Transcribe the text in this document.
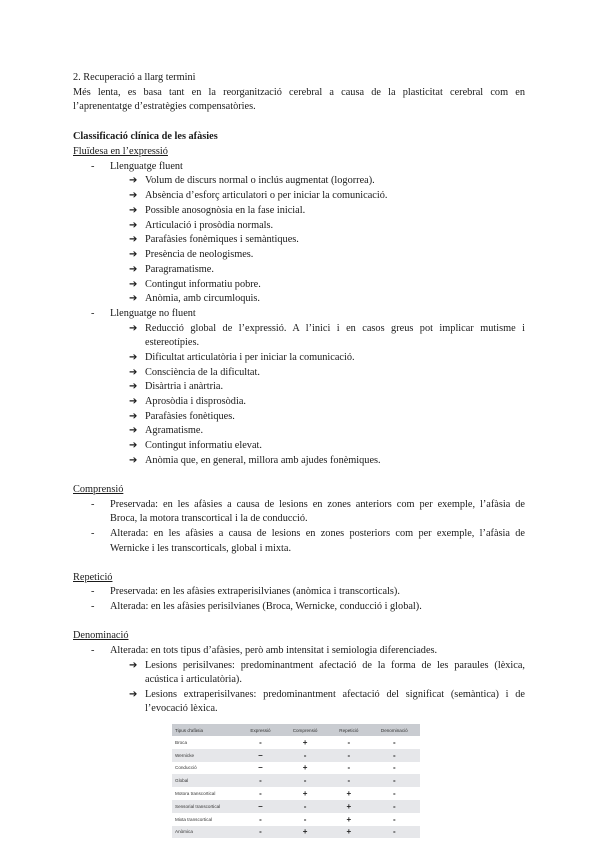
2. Recuperació a llarg termini
Més lenta, es basa tant en la reorganització cerebral a causa de la plasticitat cerebral com en
l’aprenentatge d’estratègies compensatòries.
Classificació clínica de les afàsies
Fluïdesa en l’expressió
- Llenguatge fluent
➔ Volum de discurs normal o inclús augmentat (logorrea).
➔ Absència d’esforç articulatori o per iniciar la comunicació.
➔ Possible anosognòsia en la fase inicial.
➔ Articulació i prosòdia normals.
➔ Parafàsies fonèmiques i semàntiques.
➔ Presència de neologismes.
➔ Paragramatisme.
➔ Contingut informatiu pobre.
➔ Anòmia, amb circumloquis.
- Llenguatge no fluent
➔ Reducció global de l’expressió. A l’inici i en casos greus pot implicar mutisme i
estereotípies.
➔ Dificultat articulatòria i per iniciar la comunicació.
➔ Consciència de la dificultat.
➔ Disàrtria i anàrtria.
➔ Aprosòdia i disprosòdia.
➔ Parafàsies fonètiques.
➔ Agramatisme.
➔ Contingut informatiu elevat.
➔ Anòmia que, en general, millora amb ajudes fonèmiques.
Comprensió
- Preservada: en les afàsies a causa de lesions en zones anteriors com per exemple, l’afàsia de
Broca, la motora transcortical i la de conducció.
- Alterada: en les afàsies a causa de lesions en zones posteriors com per exemple, l’afàsia de
Wernicke i les transcorticals, global i mixta.
Repetició
- Preservada: en les afàsies extraperisilvianes (anòmica i transcorticals).
- Alterada: en les afàsies perisilvianes (Broca, Wernicke, conducció i global).
Denominació
- Alterada: en tots tipus d’afàsies, però amb intensitat i semiologia diferenciades.
➔ Lesions perisilvanes: predominantment afectació de la forma de les paraules (lèxica,
acústica i articulatòria).
➔ Lesions extraperisilvanes: predominantment afectació del significat (semàntica) i de
l’evocació lèxica.
Tipus d'afàsia	Expressió	Comprensió	Repetició	Denominació
Broca	-	+	-	-
Wernicke	–	-	-	-
Conducció	–	+	-	-
Global	-	-	-	-
Motora transcortical	-	+	+	-
Sensorial transcortical	–	-	+	-
Mixta transcortical	-	-	+	-
Anòmica	-	+	+	-
